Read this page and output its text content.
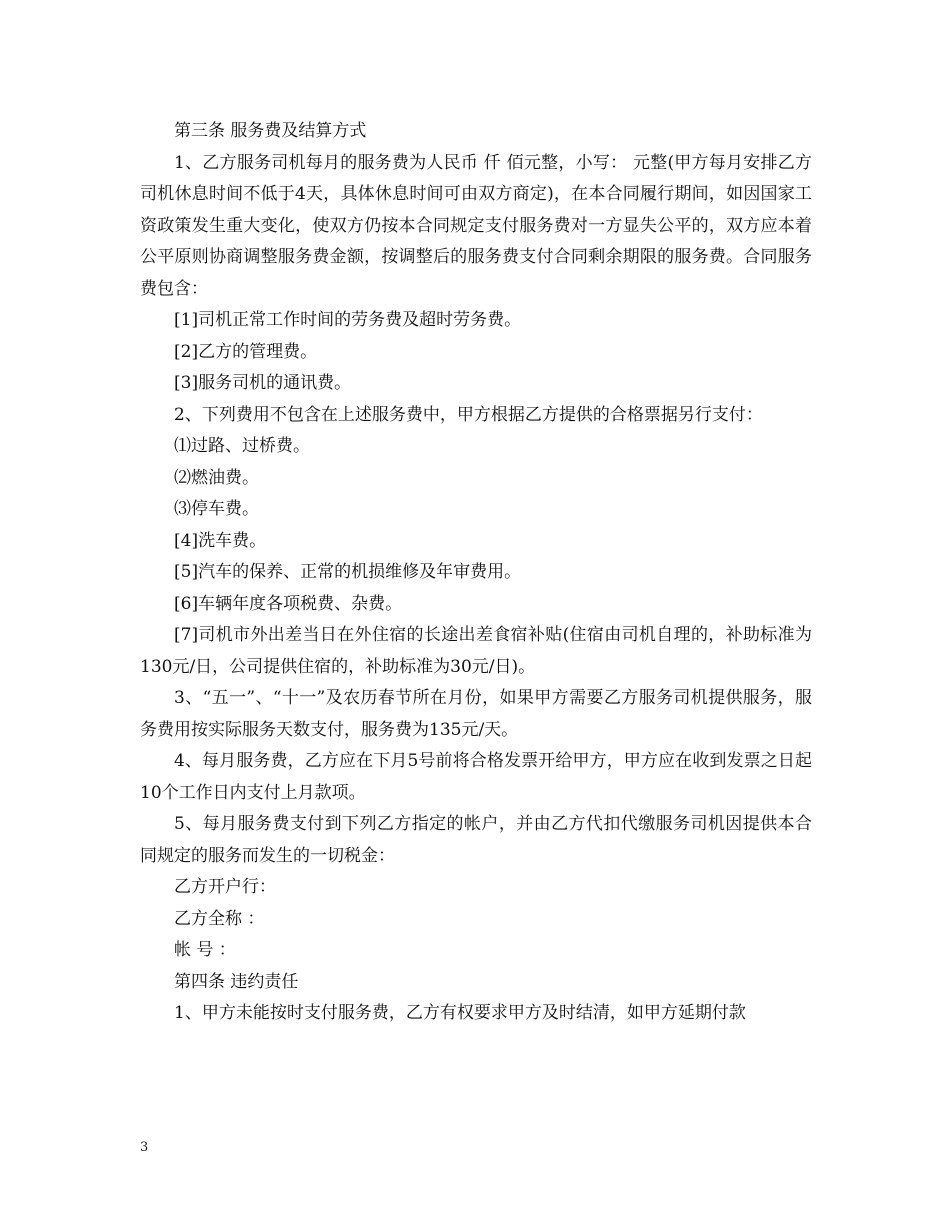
第三条 服务费及结算方式

1、乙方服务司机每月的服务费为人民币 仟 佰元整，小写： 元整(甲方每月安排乙方司机休息时间不低于4天，具体休息时间可由双方商定)，在本合同履行期间，如因国家工资政策发生重大变化，使双方仍按本合同规定支付服务费对一方显失公平的，双方应本着公平原则协商调整服务费金额，按调整后的服务费支付合同剩余期限的服务费。合同服务费包含：

[1]司机正常工作时间的劳务费及超时劳务费。

[2]乙方的管理费。

[3]服务司机的通讯费。

2、下列费用不包含在上述服务费中，甲方根据乙方提供的合格票据另行支付：

⑴过路、过桥费。

⑵燃油费。

⑶停车费。

[4]洗车费。

[5]汽车的保养、正常的机损维修及年审费用。

[6]车辆年度各项税费、杂费。

[7]司机市外出差当日在外住宿的长途出差食宿补贴(住宿由司机自理的，补助标准为130元/日，公司提供住宿的，补助标准为30元/日)。

3、“五一”、“十一”及农历春节所在月份，如果甲方需要乙方服务司机提供服务，服务费用按实际服务天数支付，服务费为135元/天。

4、每月服务费，乙方应在下月5号前将合格发票开给甲方，甲方应在收到发票之日起10个工作日内支付上月款项。

5、每月服务费支付到下列乙方指定的帐户，并由乙方代扣代缴服务司机因提供本合同规定的服务而发生的一切税金：

乙方开户行：

乙方全称 ：

帐 号 ：

第四条 违约责任

1、甲方未能按时支付服务费，乙方有权要求甲方及时结清，如甲方延期付款

3
